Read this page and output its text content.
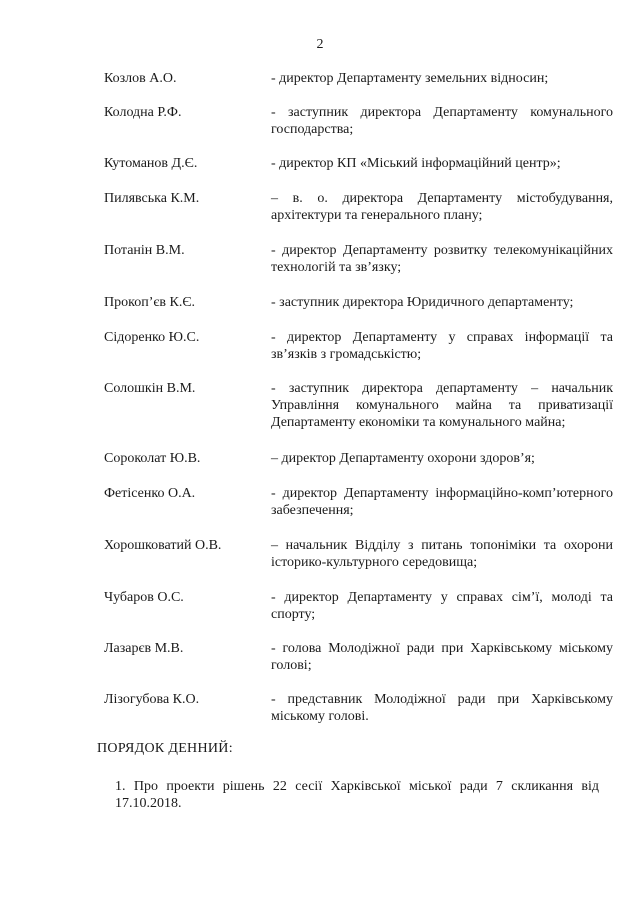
2
Козлов А.О.	- директор Департаменту земельних відносин;
Колодна Р.Ф.	- заступник директора Департаменту комунального господарства;
Кутоманов Д.Є.	- директор КП «Міський інформаційний центр»;
Пилявська К.М.	– в. о. директора Департаменту містобудування, архітектури та генерального плану;
Потанін В.М.	- директор Департаменту розвитку телекомунікаційних технологій та зв’язку;
Прокоп’єв К.Є.	- заступник директора Юридичного департаменту;
Сідоренко Ю.С.	- директор Департаменту у справах інформації та зв’язків з громадськістю;
Солошкін В.М.	- заступник директора департаменту – начальник Управління комунального майна та приватизації Департаменту економіки та комунального майна;
Сороколат Ю.В.	– директор Департаменту охорони здоров’я;
Фетісенко О.А.	- директор Департаменту інформаційно-комп’ютерного забезпечення;
Хорошковатий О.В.	– начальник Відділу з питань топоніміки та охорони історико-культурного середовища;
Чубаров О.С.	- директор Департаменту у справах сім’ї, молоді та спорту;
Лазарєв М.В.	- голова Молодіжної ради при Харківському міському голові;
Лізогубова К.О.	- представник Молодіжної ради при Харківському міському голові.
ПОРЯДОК ДЕННИЙ:
1. Про проекти рішень 22 сесії Харківської міської ради 7 скликання від 17.10.2018.
